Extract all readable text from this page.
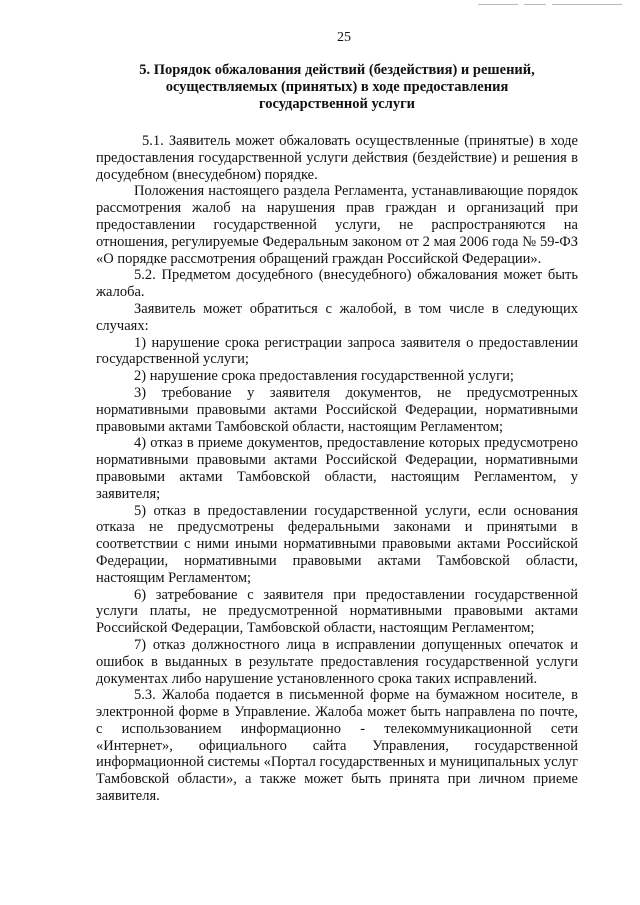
25
5. Порядок обжалования действий (бездействия) и решений,
осуществляемых (принятых) в ходе предоставления
государственной услуги

5.1. Заявитель может обжаловать осуществленные (принятые) в ходе предоставления государственной услуги действия (бездействие) и решения в досудебном (внесудебном) порядке.

Положения настоящего раздела Регламента, устанавливающие порядок рассмотрения жалоб на нарушения прав граждан и организаций при предоставлении государственной услуги, не распространяются на отношения, регулируемые Федеральным законом от 2 мая 2006 года № 59-ФЗ «О порядке рассмотрения обращений граждан Российской Федерации».

5.2. Предметом досудебного (внесудебного) обжалования может быть жалоба.

Заявитель может обратиться с жалобой, в том числе в следующих случаях:

1) нарушение срока регистрации запроса заявителя о предоставлении государственной услуги;

2) нарушение срока предоставления государственной услуги;

3) требование у заявителя документов, не предусмотренных нормативными правовыми актами Российской Федерации, нормативными правовыми актами Тамбовской области, настоящим Регламентом;

4) отказ в приеме документов, предоставление которых предусмотрено нормативными правовыми актами Российской Федерации, нормативными правовыми актами Тамбовской области, настоящим Регламентом, у заявителя;

5) отказ в предоставлении государственной услуги, если основания отказа не предусмотрены федеральными законами и принятыми в соответствии с ними иными нормативными правовыми актами Российской Федерации, нормативными правовыми актами Тамбовской области, настоящим Регламентом;

6) затребование с заявителя при предоставлении государственной услуги платы, не предусмотренной нормативными правовыми актами Российской Федерации, Тамбовской области, настоящим Регламентом;

7) отказ должностного лица в исправлении допущенных опечаток и ошибок в выданных в результате предоставления государственной услуги документах либо нарушение установленного срока таких исправлений.

5.3. Жалоба подается в письменной форме на бумажном носителе, в электронной форме в Управление. Жалоба может быть направлена по почте, с использованием информационно - телекоммуникационной сети «Интернет», официального сайта Управления, государственной информационной системы «Портал государственных и муниципальных услуг Тамбовской области», а также может быть принята при личном приеме заявителя.
